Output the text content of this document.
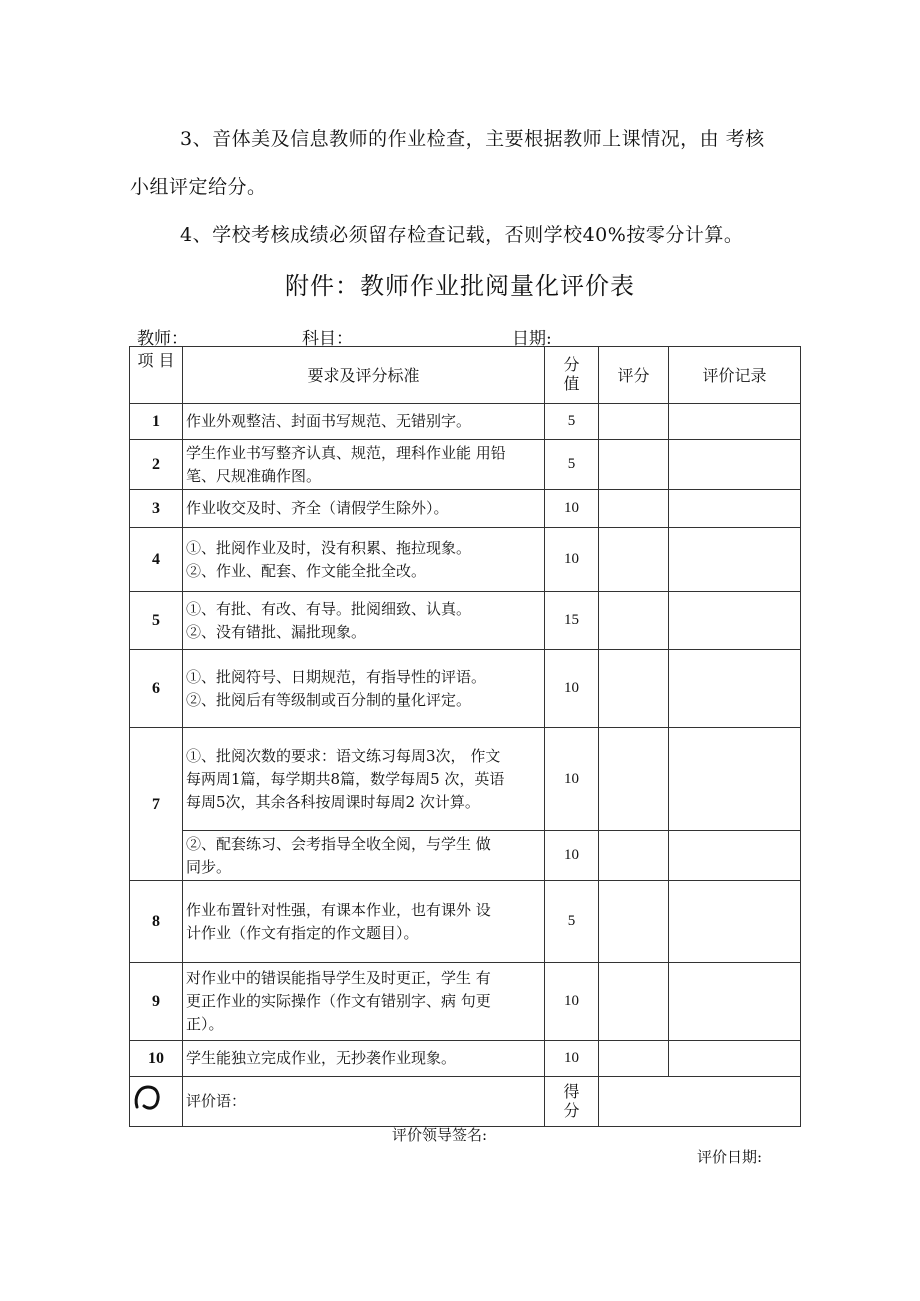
3、音体美及信息教师的作业检查，主要根据教师上课情况，由 考核
小组评定给分。
4、学校考核成绩必须留存检查记载，否则学校40%按零分计算。
附件：教师作业批阅量化评价表
教师：	科目：	日期:
项 目	要求及评分标准	分值	评分	评价记录
1	作业外观整洁、封面书写规范、无错别字。	5		
2	学生作业书写整齐认真、规范，理科作业能 用铅
笔、尺规准确作图。	5		
3	作业收交及时、齐全（请假学生除外）。	10		
4	①、批阅作业及时，没有积累、拖拉现象。
②、作业、配套、作文能全批全改。	10		
5	①、有批、有改、有导。批阅细致、认真。
②、没有错批、漏批现象。	15		
6	①、批阅符号、日期规范，有指导性的评语。
②、批阅后有等级制或百分制的量化评定。	10		
7	①、批阅次数的要求：语文练习每周3次， 作文
每两周1篇，每学期共8篇，数学每周5 次，英语
每周5次，其余各科按周课时每周2 次计算。	10		

	②、配套练习、会考指导全收全阅，与学生 做
同步。	10		
8	作业布置针对性强，有课本作业，也有课外 设
计作业（作文有指定的作文题目）。	5		
9	对作业中的错误能指导学生及时更正，学生 有
更正作业的实际操作（作文有错别字、病 句更
正）。	10		
10	学生能独立完成作业，无抄袭作业现象。	10		
	评价语：	得分		
评价领导签名:
评价日期:
